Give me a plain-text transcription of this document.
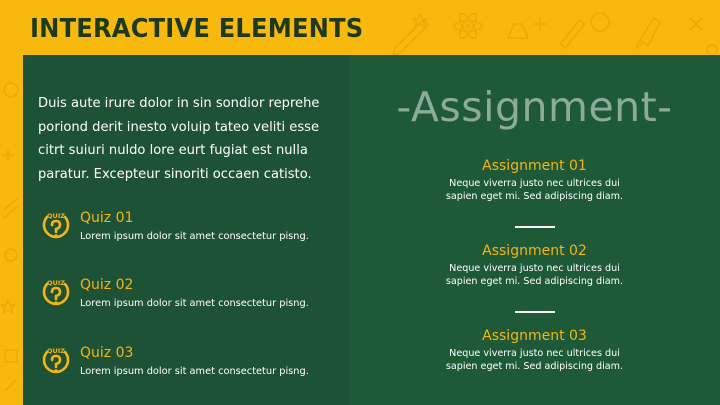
INTERACTIVE ELEMENTS

Duis aute irure dolor in sin sondior reprehe poriond derit inesto voluip tateo veliti esse citrt suiuri nuldo lore eurt fugiat est nulla paratur. Excepteur sinoriti occaen catisto.

QUIZ Quiz 01
Lorem ipsum dolor sit amet consectetur pisng.
QUIZ Quiz 02
Lorem ipsum dolor sit amet consectetur pisng.
QUIZ Quiz 03
Lorem ipsum dolor sit amet consectetur pisng.
-Assignment-
Assignment 01
Neque viverra justo nec ultrices dui
sapien eget mi. Sed adipiscing diam.
Assignment 02
Neque viverra justo nec ultrices dui
sapien eget mi. Sed adipiscing diam.
Assignment 03
Neque viverra justo nec ultrices dui
sapien eget mi. Sed adipiscing diam.
